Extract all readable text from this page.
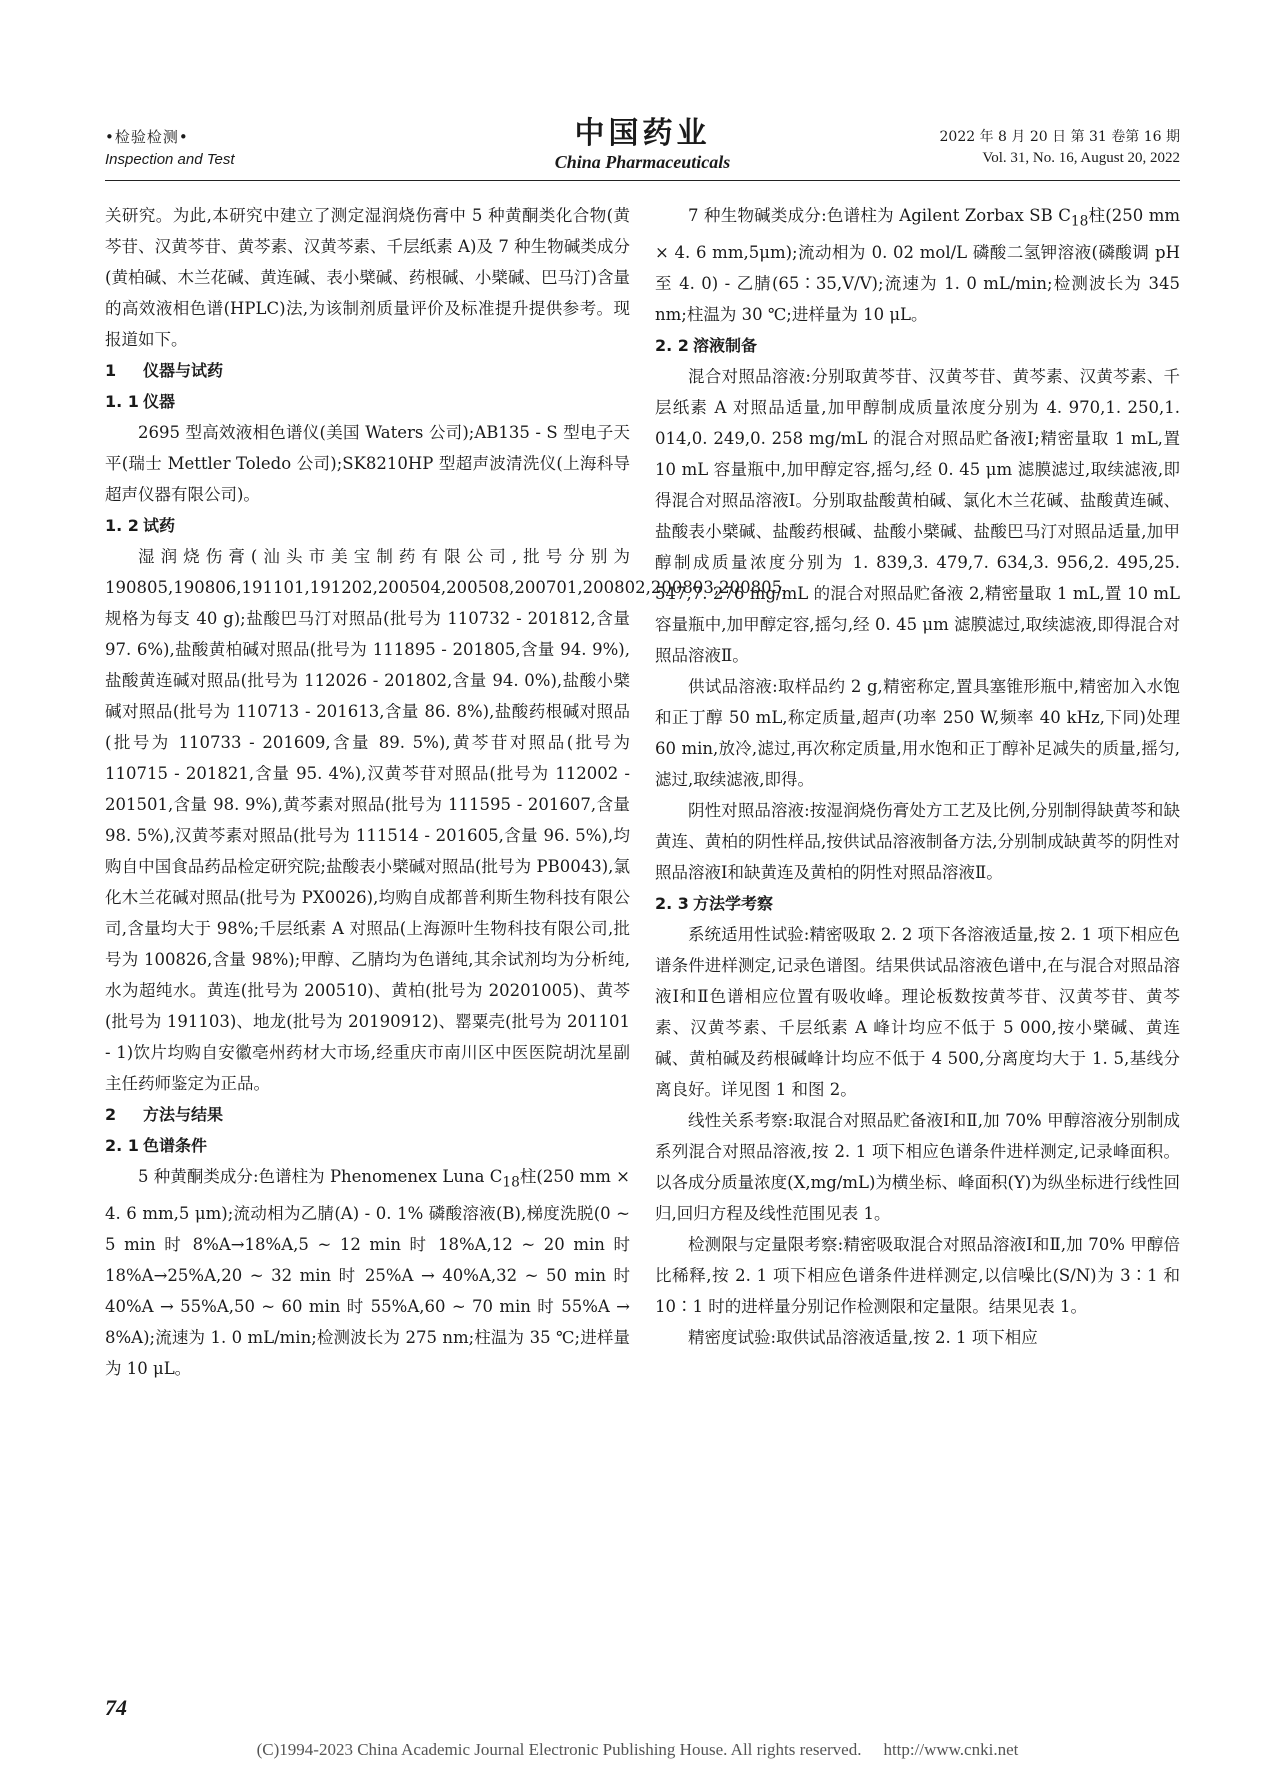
•检验检测•
Inspection and Test
中国药业
China Pharmaceuticals
2022 年 8 月 20 日 第 31 卷第 16 期
Vol. 31, No. 16, August 20, 2022

关研究。为此,本研究中建立了测定湿润烧伤膏中 5 种黄酮类化合物(黄芩苷、汉黄芩苷、黄芩素、汉黄芩素、千层纸素 A)及 7 种生物碱类成分(黄柏碱、木兰花碱、黄连碱、表小檗碱、药根碱、小檗碱、巴马汀)含量的高效液相色谱(HPLC)法,为该制剂质量评价及标准提升提供参考。现报道如下。

1 仪器与试药
1. 1 仪器

2695 型高效液相色谱仪(美国 Waters 公司);AB135 - S 型电子天平(瑞士 Mettler Toledo 公司);SK8210HP 型超声波清洗仪(上海科导超声仪器有限公司)。

1. 2 试药

湿润烧伤膏(汕头市美宝制药有限公司,批号分别为 190805,190806,191101,191202,200504,200508,200701,200802,200803,200805,规格为每支 40 g);盐酸巴马汀对照品(批号为 110732 - 201812,含量 97. 6%),盐酸黄柏碱对照品(批号为 111895 - 201805,含量 94. 9%),盐酸黄连碱对照品(批号为 112026 - 201802,含量 94. 0%),盐酸小檗碱对照品(批号为 110713 - 201613,含量 86. 8%),盐酸药根碱对照品(批号为 110733 - 201609,含量 89. 5%),黄芩苷对照品(批号为 110715 - 201821,含量 95. 4%),汉黄芩苷对照品(批号为 112002 - 201501,含量 98. 9%),黄芩素对照品(批号为 111595 - 201607,含量 98. 5%),汉黄芩素对照品(批号为 111514 - 201605,含量 96. 5%),均购自中国食品药品检定研究院;盐酸表小檗碱对照品(批号为 PB0043),氯化木兰花碱对照品(批号为 PX0026),均购自成都普利斯生物科技有限公司,含量均大于 98%;千层纸素 A 对照品(上海源叶生物科技有限公司,批号为 100826,含量 98%);甲醇、乙腈均为色谱纯,其余试剂均为分析纯,水为超纯水。黄连(批号为 200510)、黄柏(批号为 20201005)、黄芩(批号为 191103)、地龙(批号为 20190912)、罂粟壳(批号为 201101 - 1)饮片均购自安徽亳州药材大市场,经重庆市南川区中医医院胡沈星副主任药师鉴定为正品。

2 方法与结果
2. 1 色谱条件

5 种黄酮类成分:色谱柱为 Phenomenex Luna $C_{18}$柱(250 mm × 4. 6 mm,5 μm);流动相为乙腈(A) - 0. 1% 磷酸溶液(B),梯度洗脱(0 ~ 5 min 时 8%A→18%A,5 ~ 12 min 时 18%A,12 ~ 20 min 时 18%A→25%A,20 ~ 32 min 时 25%A → 40%A,32 ~ 50 min 时 40%A → 55%A,50 ~ 60 min 时 55%A,60 ~ 70 min 时 55%A → 8%A);流速为 1. 0 mL/min;检测波长为 275 nm;柱温为 35 ℃;进样量为 10 μL。

7 种生物碱类成分:色谱柱为 Agilent Zorbax SB $C_{18}$柱(250 mm × 4. 6 mm,5μm);流动相为 0. 02 mol/L 磷酸二氢钾溶液(磷酸调 pH 至 4. 0) - 乙腈(65∶35,V/V);流速为 1. 0 mL/min;检测波长为 345 nm;柱温为 30 ℃;进样量为 10 μL。

2. 2 溶液制备

混合对照品溶液:分别取黄芩苷、汉黄芩苷、黄芩素、汉黄芩素、千层纸素 A 对照品适量,加甲醇制成质量浓度分别为 4. 970,1. 250,1. 014,0. 249,0. 258 mg/mL 的混合对照品贮备液Ⅰ;精密量取 1 mL,置 10 mL 容量瓶中,加甲醇定容,摇匀,经 0. 45 μm 滤膜滤过,取续滤液,即得混合对照品溶液Ⅰ。分别取盐酸黄柏碱、氯化木兰花碱、盐酸黄连碱、盐酸表小檗碱、盐酸药根碱、盐酸小檗碱、盐酸巴马汀对照品适量,加甲醇制成质量浓度分别为 1. 839,3. 479,7. 634,3. 956,2. 495,25. 547,7. 276 mg/mL 的混合对照品贮备液 2,精密量取 1 mL,置 10 mL 容量瓶中,加甲醇定容,摇匀,经 0. 45 μm 滤膜滤过,取续滤液,即得混合对照品溶液Ⅱ。

供试品溶液:取样品约 2 g,精密称定,置具塞锥形瓶中,精密加入水饱和正丁醇 50 mL,称定质量,超声(功率 250 W,频率 40 kHz,下同)处理 60 min,放冷,滤过,再次称定质量,用水饱和正丁醇补足减失的质量,摇匀,滤过,取续滤液,即得。

阴性对照品溶液:按湿润烧伤膏处方工艺及比例,分别制得缺黄芩和缺黄连、黄柏的阴性样品,按供试品溶液制备方法,分别制成缺黄芩的阴性对照品溶液Ⅰ和缺黄连及黄柏的阴性对照品溶液Ⅱ。

2. 3 方法学考察

系统适用性试验:精密吸取 2. 2 项下各溶液适量,按 2. 1 项下相应色谱条件进样测定,记录色谱图。结果供试品溶液色谱中,在与混合对照品溶液Ⅰ和Ⅱ色谱相应位置有吸收峰。理论板数按黄芩苷、汉黄芩苷、黄芩素、汉黄芩素、千层纸素 A 峰计均应不低于 5 000,按小檗碱、黄连碱、黄柏碱及药根碱峰计均应不低于 4 500,分离度均大于 1. 5,基线分离良好。详见图 1 和图 2。

线性关系考察:取混合对照品贮备液Ⅰ和Ⅱ,加 70% 甲醇溶液分别制成系列混合对照品溶液,按 2. 1 项下相应色谱条件进样测定,记录峰面积。以各成分质量浓度(X,mg/mL)为横坐标、峰面积(Y)为纵坐标进行线性回归,回归方程及线性范围见表 1。

检测限与定量限考察:精密吸取混合对照品溶液Ⅰ和Ⅱ,加 70% 甲醇倍比稀释,按 2. 1 项下相应色谱条件进样测定,以信噪比(S/N)为 3∶1 和 10∶1 时的进样量分别记作检测限和定量限。结果见表 1。

精密度试验:取供试品溶液适量,按 2. 1 项下相应

74
(C)1994-2023 China Academic Journal Electronic Publishing House. All rights reserved. http://www.cnki.net
